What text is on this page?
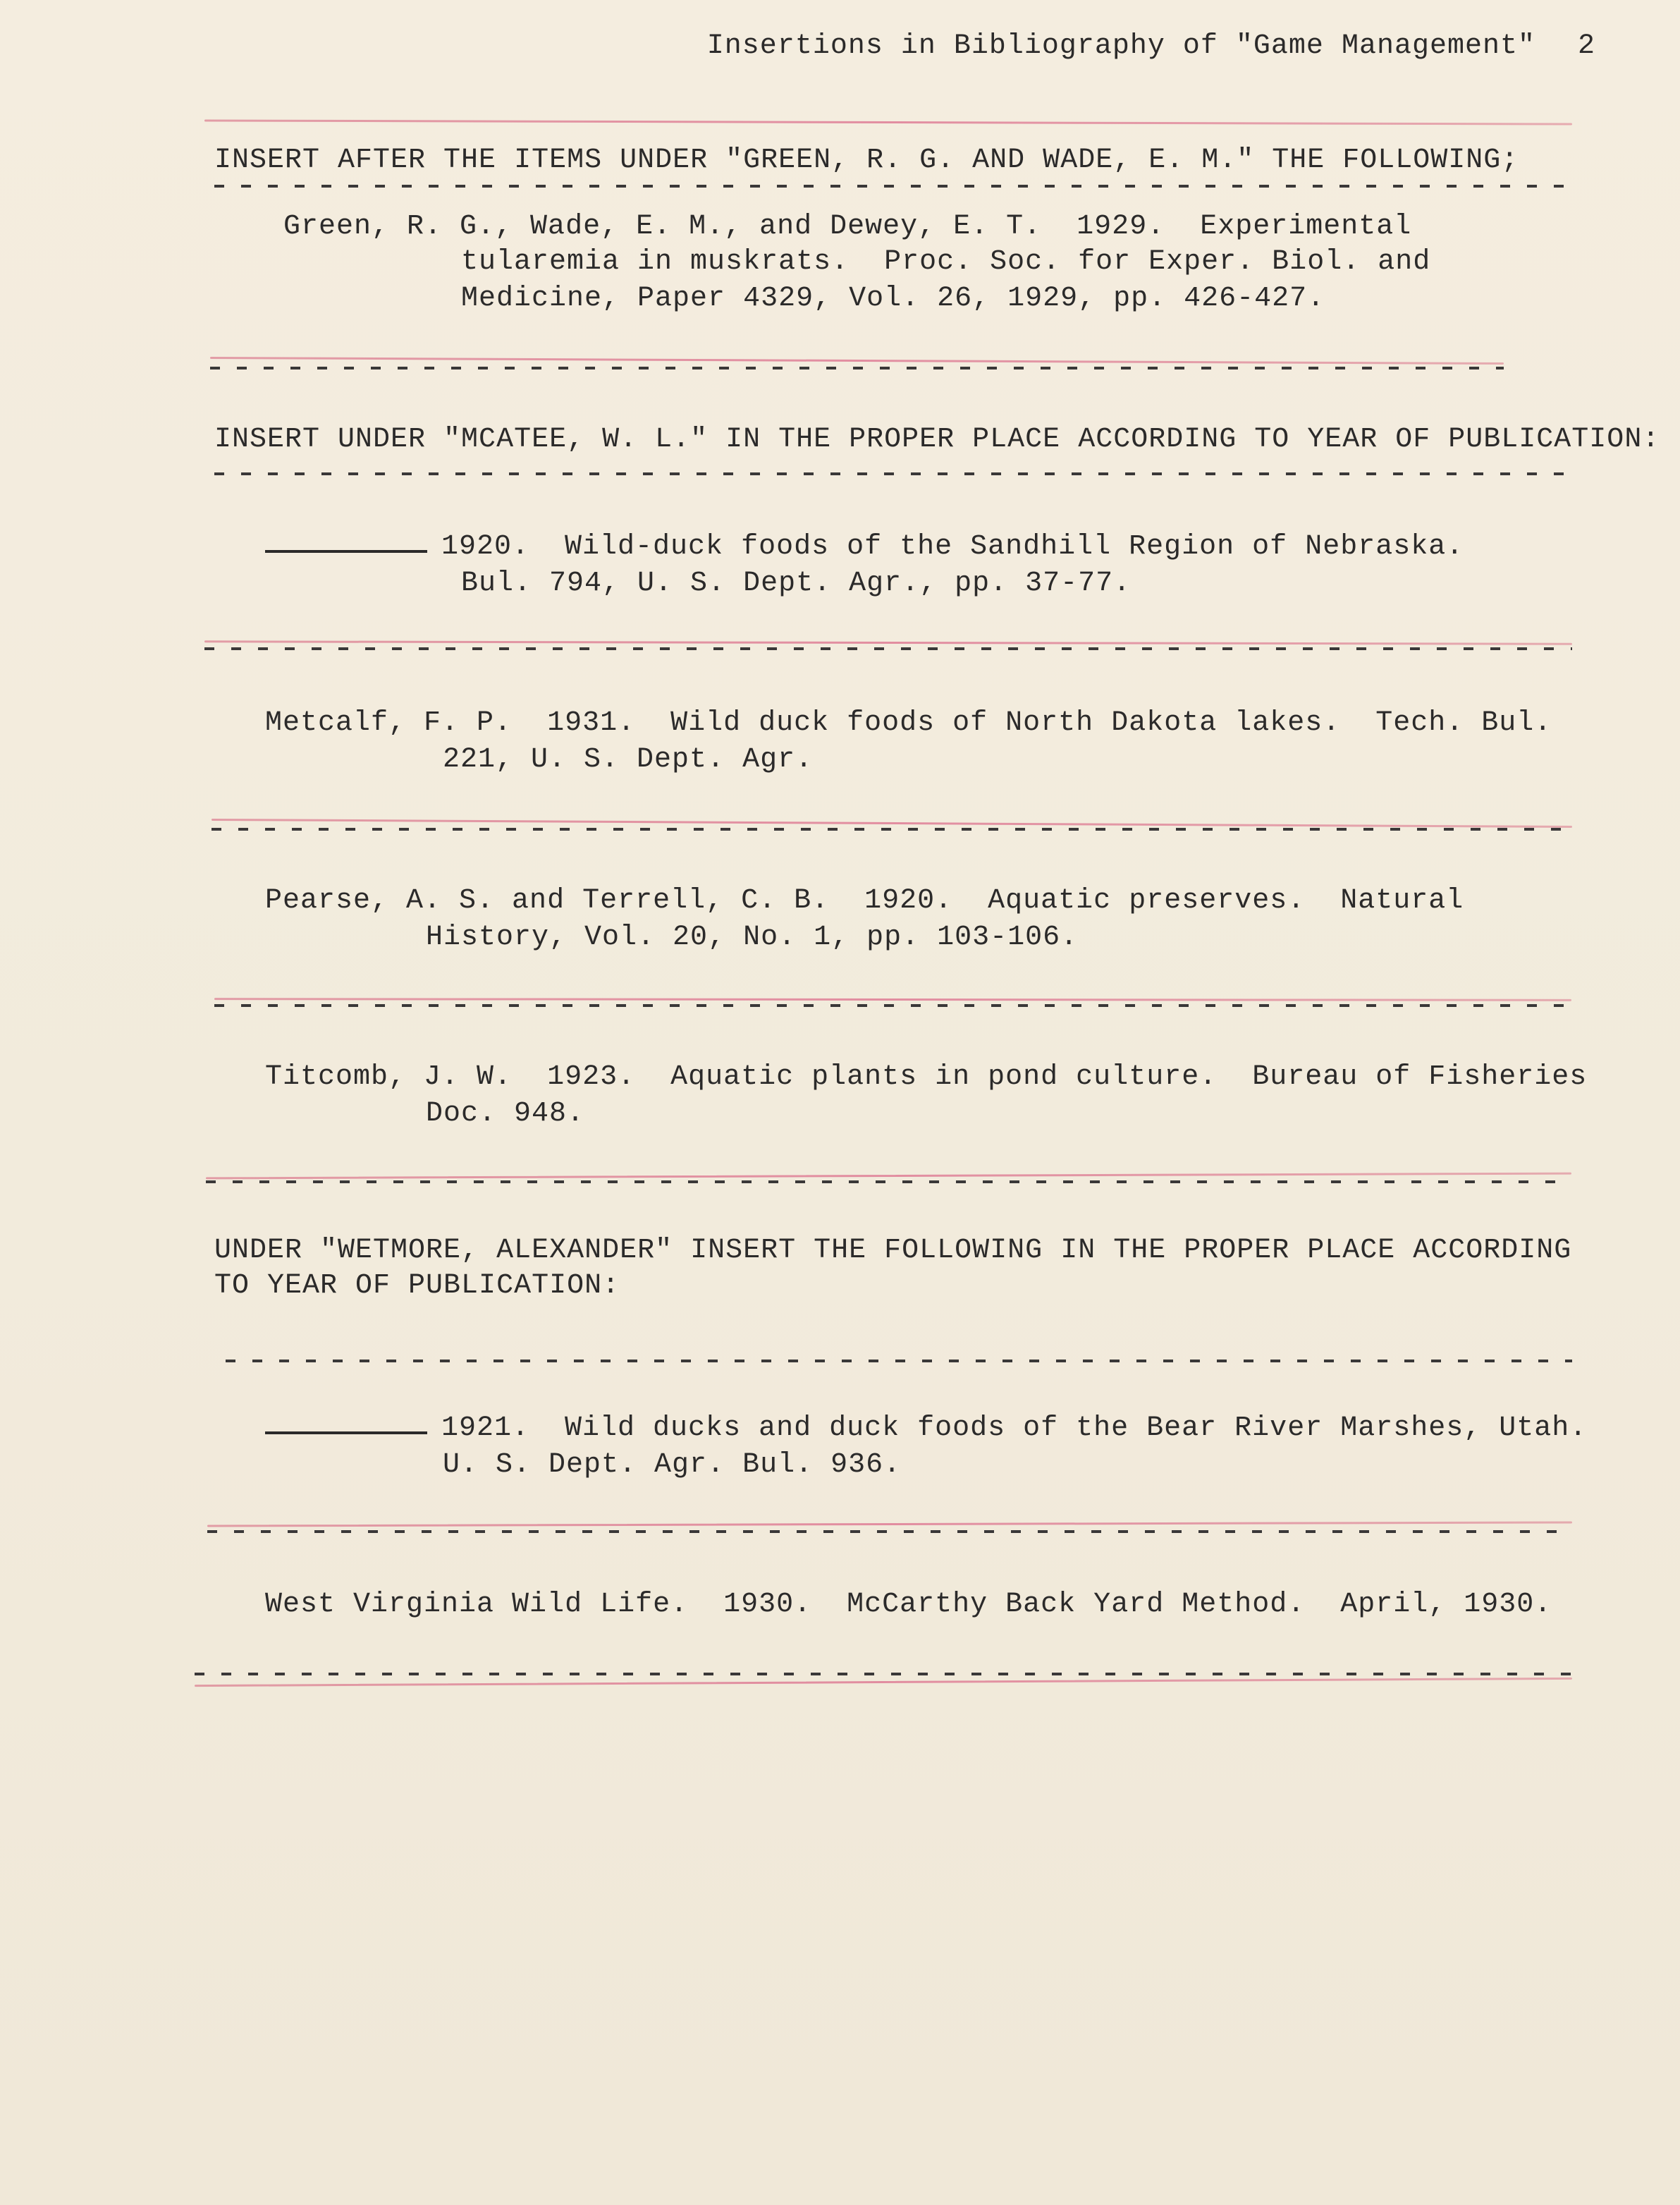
Insertions in Bibliography of "Game Management" 2
INSERT AFTER THE ITEMS UNDER "GREEN, R. G. AND WADE, E. M." THE FOLLOWING;
Green, R. G., Wade, E. M., and Dewey, E. T.  1929.  Experimental
tularemia in muskrats.  Proc. Soc. for Exper. Biol. and
Medicine, Paper 4329, Vol. 26, 1929, pp. 426-427.
INSERT UNDER "MCATEE, W. L." IN THE PROPER PLACE ACCORDING TO YEAR OF PUBLICATION:
1920.  Wild-duck foods of the Sandhill Region of Nebraska.
Bul. 794, U. S. Dept. Agr., pp. 37-77.
Metcalf, F. P.  1931.  Wild duck foods of North Dakota lakes.  Tech. Bul.
221, U. S. Dept. Agr.
Pearse, A. S. and Terrell, C. B.  1920.  Aquatic preserves.  Natural
History, Vol. 20, No. 1, pp. 103-106.
Titcomb, J. W.  1923.  Aquatic plants in pond culture.  Bureau of Fisheries
Doc. 948.
UNDER "WETMORE, ALEXANDER" INSERT THE FOLLOWING IN THE PROPER PLACE ACCORDING
TO YEAR OF PUBLICATION:
1921.  Wild ducks and duck foods of the Bear River Marshes, Utah.
U. S. Dept. Agr. Bul. 936.
West Virginia Wild Life.  1930.  McCarthy Back Yard Method.  April, 1930.
